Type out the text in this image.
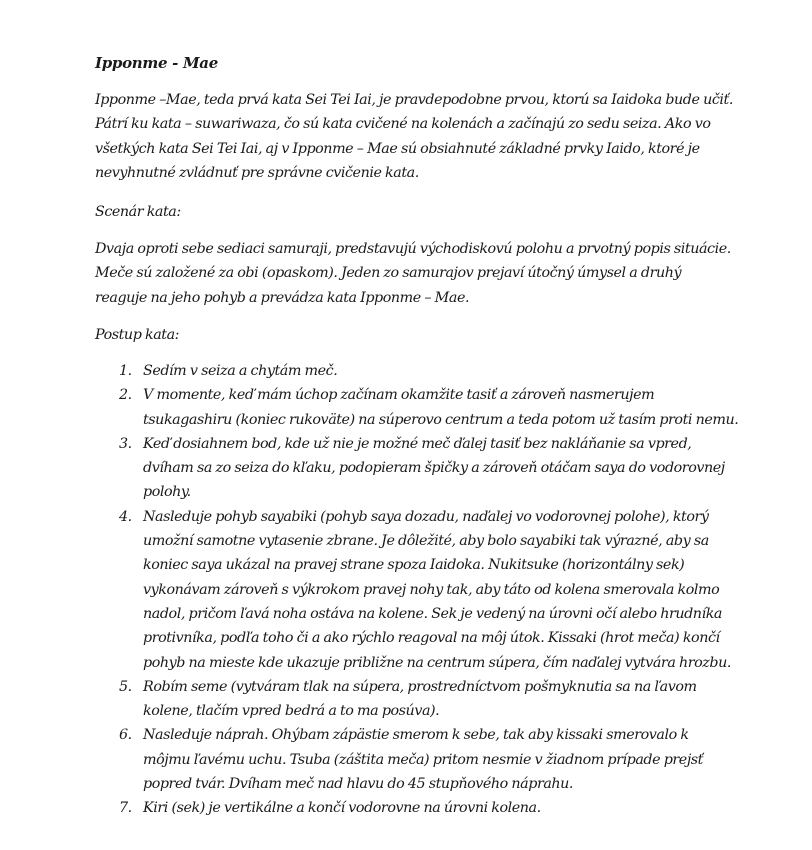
Ipponme - Mae

Ipponme –Mae, teda prvá kata Sei Tei Iai, je pravdepodobne prvou, ktorú sa Iaidoka bude učiť. Pátrí ku kata – suwariwaza, čo sú kata cvičené na kolenách a začínajú zo sedu seiza. Ako vo všetkých kata Sei Tei Iai, aj v Ipponme – Mae sú obsiahnuté základné prvky Iaido, ktoré je nevyhnutné zvládnuť pre správne cvičenie kata.

Scenár kata:

Dvaja oproti sebe sediaci samuraji, predstavujú východiskovú polohu a prvotný popis situácie. Meče sú založené za obi (opaskom). Jeden zo samurajov prejaví útočný úmysel a druhý reaguje na jeho pohyb a prevádza kata Ipponme – Mae.

Postup kata:

1. Sedím v seiza a chytám meč.
2. V momente, keď mám úchop začínam okamžite tasiť a zároveň nasmerujem tsukagashiru (koniec rukoväte) na súperovo centrum a teda potom už tasím proti nemu.
3. Keď dosiahnem bod, kde už nie je možné meč ďalej tasiť bez nakláňanie sa vpred, dvíham sa zo seiza do kľaku, podopieram špičky a zároveň otáčam saya do vodorovnej polohy.
4. Nasleduje pohyb sayabiki (pohyb saya dozadu, naďalej vo vodorovnej polohe), ktorý umožní samotne vytasenie zbrane. Je dôležité, aby bolo sayabiki tak výrazné, aby sa koniec saya ukázal na pravej strane spoza Iaidoka. Nukitsuke (horizontálny sek) vykonávam zároveň s výkrokom pravej nohy tak, aby táto od kolena smerovala kolmo nadol, pričom ľavá noha ostáva na kolene. Sek je vedený na úrovni očí alebo hrudníka protivníka, podľa toho či a ako rýchlo reagoval na môj útok. Kissaki (hrot meča) končí pohyb na mieste kde ukazuje približne na centrum súpera, čím naďalej vytvára hrozbu.
5. Robím seme (vytváram tlak na súpera, prostredníctvom pošmyknutia sa na ľavom kolene, tlačím vpred bedrá a to ma posúva).
6. Nasleduje náprah. Ohýbam zápästie smerom k sebe, tak aby kissaki smerovalo k môjmu ľavému uchu. Tsuba (záštita meča) pritom nesmie v žiadnom prípade prejsť popred tvár. Dvíham meč nad hlavu do 45 stupňového náprahu.
7. Kiri (sek) je vertikálne a končí vodorovne na úrovni kolena.
